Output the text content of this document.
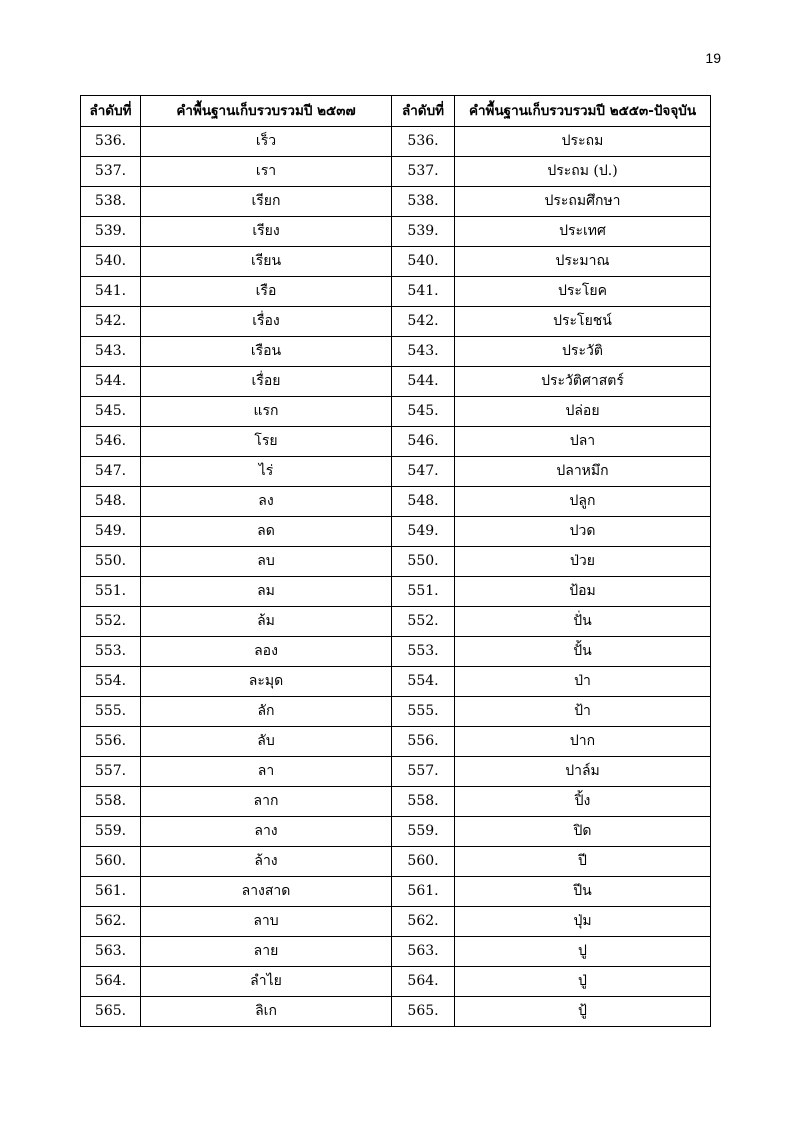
19
ลำดับที่	คำพื้นฐานเก็บรวบรวมปี ๒๕๓๗	ลำดับที่	คำพื้นฐานเก็บรวบรวมปี ๒๕๕๓-ปัจจุบัน
536.	เร็ว	536.	ประถม
537.	เรา	537.	ประถม (ป.)
538.	เรียก	538.	ประถมศึกษา
539.	เรียง	539.	ประเทศ
540.	เรียน	540.	ประมาณ
541.	เรือ	541.	ประโยค
542.	เรื่อง	542.	ประโยชน์
543.	เรือน	543.	ประวัติ
544.	เรื่อย	544.	ประวัติศาสตร์
545.	แรก	545.	ปล่อย
546.	โรย	546.	ปลา
547.	ไร่	547.	ปลาหมึก
548.	ลง	548.	ปลูก
549.	ลด	549.	ปวด
550.	ลบ	550.	ป่วย
551.	ลม	551.	ป้อม
552.	ล้ม	552.	ปั่น
553.	ลอง	553.	ปั้น
554.	ละมุด	554.	ป่า
555.	ลัก	555.	ป้า
556.	ลับ	556.	ปาก
557.	ลา	557.	ปาล์ม
558.	ลาก	558.	ปิ้ง
559.	ลาง	559.	ปิด
560.	ล้าง	560.	ปี
561.	ลางสาด	561.	ปีน
562.	ลาบ	562.	ปุ่ม
563.	ลาย	563.	ปู
564.	ลำไย	564.	ปู่
565.	ลิเก	565.	ปู้
